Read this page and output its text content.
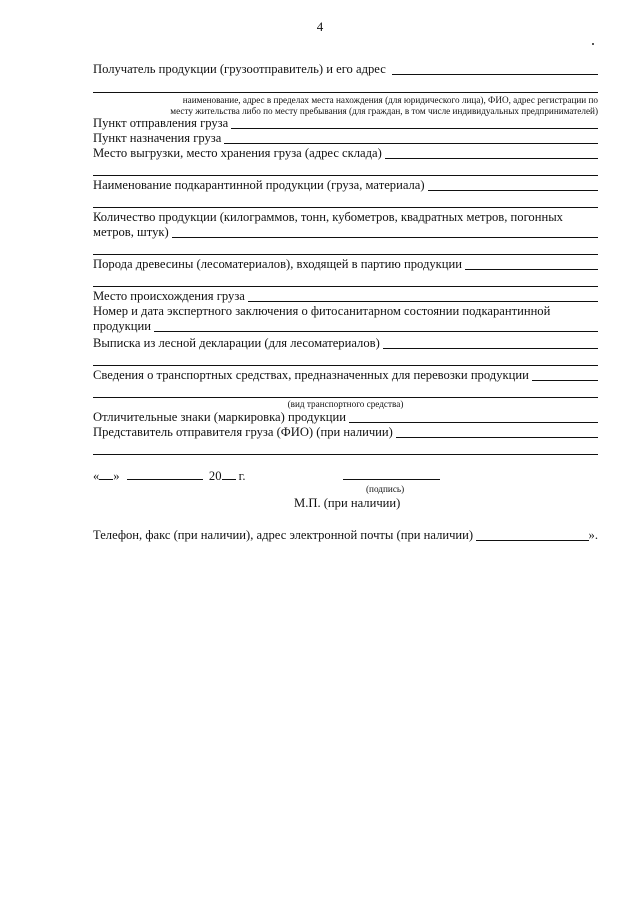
4
Получатель продукции (грузоотправитель) и его адрес
наименование, адрес в пределах места нахождения (для юридического лица), ФИО, адрес регистрации по
месту жительства либо по месту пребывания (для граждан, в том числе индивидуальных предпринимателей)
Пункт отправления груза
Пункт назначения груза
Место выгрузки, место хранения груза (адрес склада)
Наименование подкарантинной продукции (груза, материала)
Количество продукции (килограммов, тонн, кубометров, квадратных метров, погонных
метров, штук)
Порода древесины (лесоматериалов), входящей в партию продукции
Место происхождения груза
Номер и дата экспертного заключения о фитосанитарном состоянии подкарантинной
продукции
Выписка из лесной декларации (для лесоматериалов)
Сведения о транспортных средствах, предназначенных для перевозки продукции
(вид транспортного средства)
Отличительные знаки (маркировка) продукции
Представитель отправителя груза (ФИО) (при наличии)
« »	20 г.
(подпись)
М.П. (при наличии)
Телефон, факс (при наличии), адрес электронной почты (при наличии)	».
